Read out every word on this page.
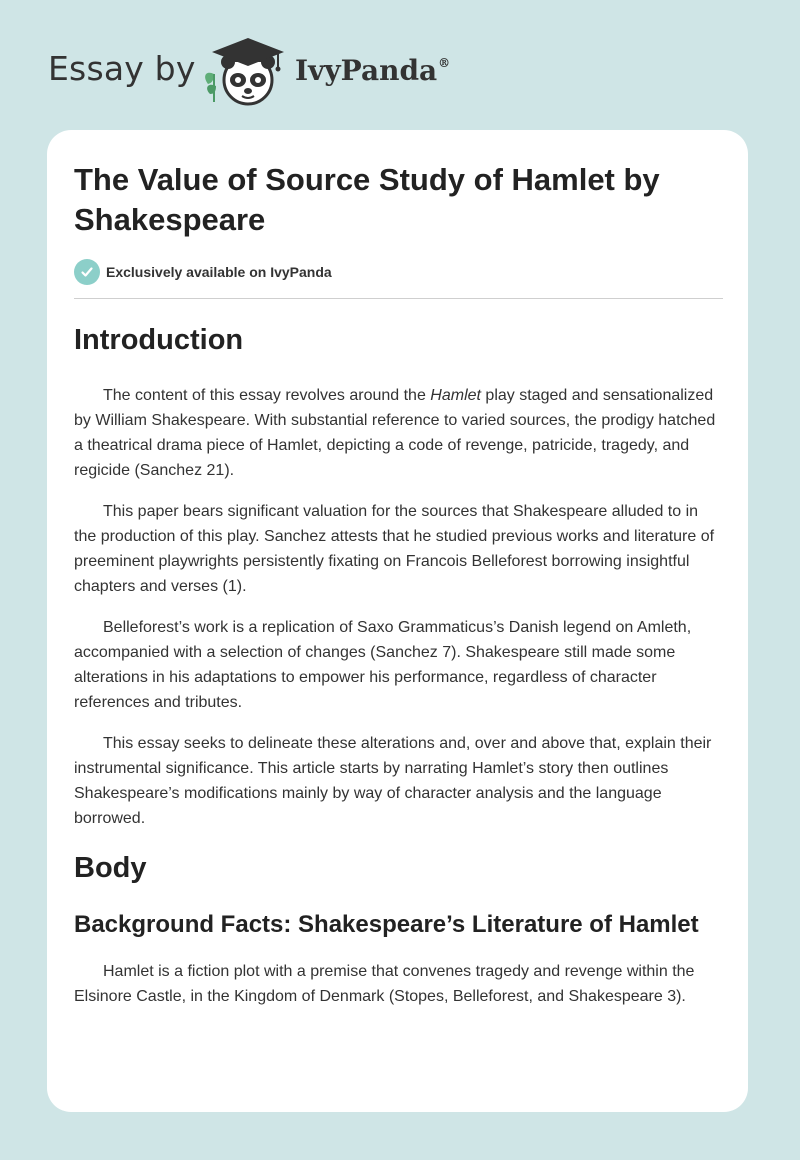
Essay by	IvyPanda®
The Value of Source Study of Hamlet by Shakespeare
Exclusively available on IvyPanda
Introduction

The content of this essay revolves around the Hamlet play staged and sensationalized by William Shakespeare. With substantial reference to varied sources, the prodigy hatched a theatrical drama piece of Hamlet, depicting a code of revenge, patricide, tragedy, and regicide (Sanchez 21).

This paper bears significant valuation for the sources that Shakespeare alluded to in the production of this play. Sanchez attests that he studied previous works and literature of preeminent playwrights persistently fixating on Francois Belleforest borrowing insightful chapters and verses (1).

Belleforest’s work is a replication of Saxo Grammaticus’s Danish legend on Amleth, accompanied with a selection of changes (Sanchez 7). Shakespeare still made some alterations in his adaptations to empower his performance, regardless of character references and tributes.

This essay seeks to delineate these alterations and, over and above that, explain their instrumental significance. This article starts by narrating Hamlet’s story then outlines Shakespeare’s modifications mainly by way of character analysis and the language borrowed.

Body
Background Facts: Shakespeare’s Literature of Hamlet

Hamlet is a fiction plot with a premise that convenes tragedy and revenge within the Elsinore Castle, in the Kingdom of Denmark (Stopes, Belleforest, and Shakespeare 3).
